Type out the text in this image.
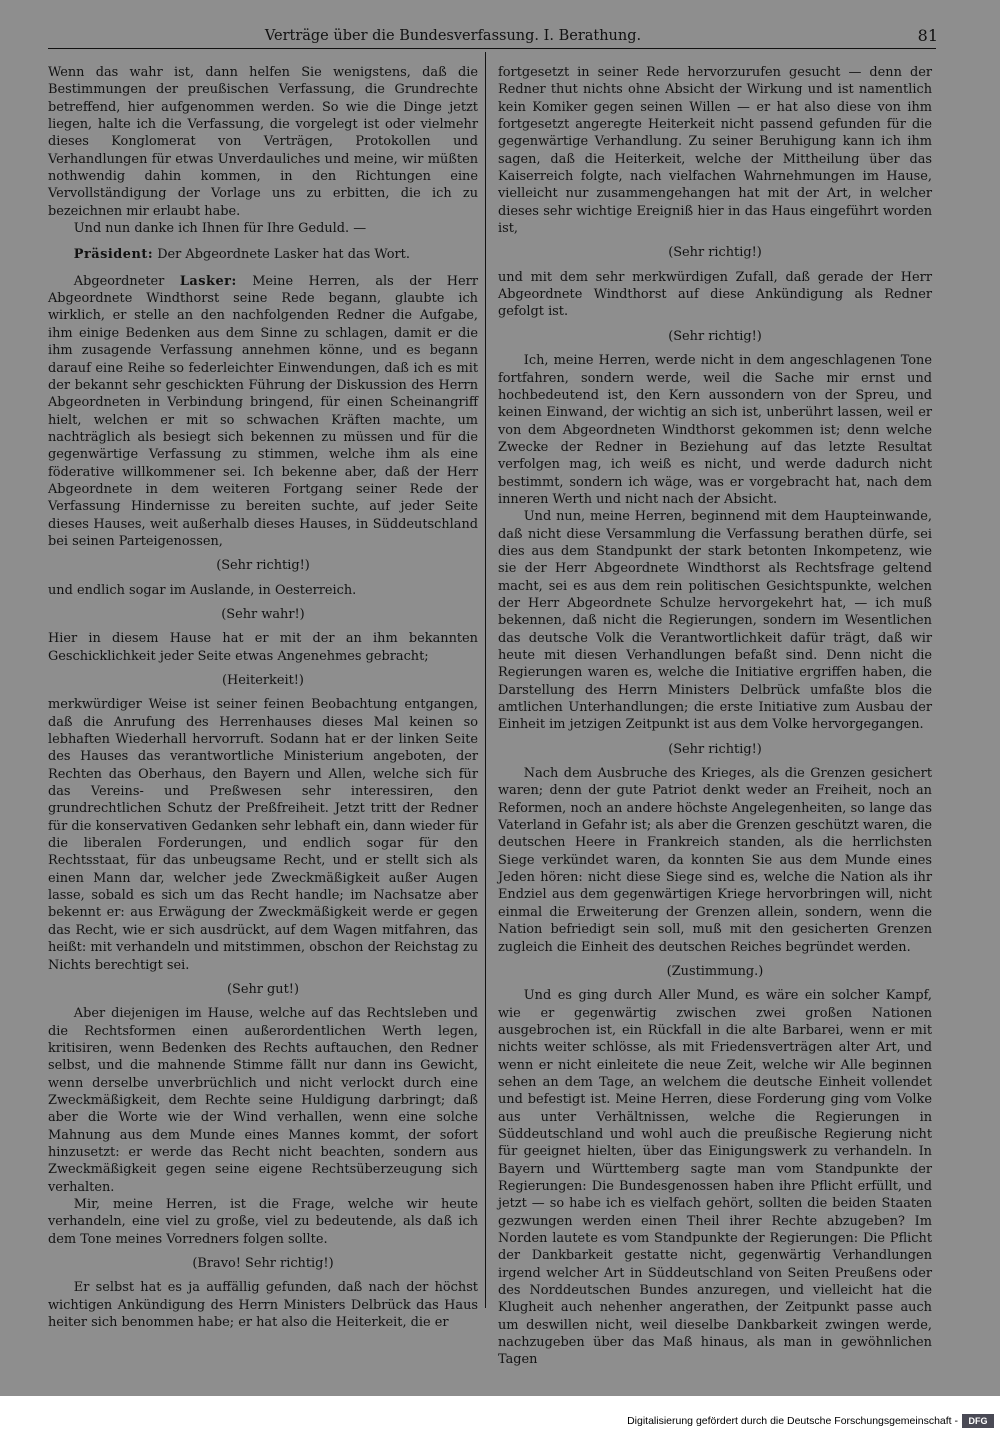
Verträge über die Bundesverfassung. I. Berathung.	81

Wenn das wahr ist, dann helfen Sie wenigstens, daß die Bestimmungen der preußischen Verfassung, die Grundrechte betreffend, hier aufgenommen werden. So wie die Dinge jetzt liegen, halte ich die Verfassung, die vorgelegt ist oder vielmehr dieses Konglomerat von Verträgen, Protokollen und Verhandlungen für etwas Unverdauliches und meine, wir müßten nothwendig dahin kommen, in den Richtungen eine Vervollständigung der Vorlage uns zu erbitten, die ich zu bezeichnen mir erlaubt habe.

Und nun danke ich Ihnen für Ihre Geduld. —

Präsident: Der Abgeordnete Lasker hat das Wort.

Abgeordneter Lasker: Meine Herren, als der Herr Abgeordnete Windthorst seine Rede begann, glaubte ich wirklich, er stelle an den nachfolgenden Redner die Aufgabe, ihm einige Bedenken aus dem Sinne zu schlagen, damit er die ihm zusagende Verfassung annehmen könne, und es begann darauf eine Reihe so federleichter Einwendungen, daß ich es mit der bekannt sehr geschickten Führung der Diskussion des Herrn Abgeordneten in Verbindung bringend, für einen Scheinangriff hielt, welchen er mit so schwachen Kräften machte, um nachträglich als besiegt sich bekennen zu müssen und für die gegenwärtige Verfassung zu stimmen, welche ihm als eine föderative willkommener sei. Ich bekenne aber, daß der Herr Abgeordnete in dem weiteren Fortgang seiner Rede der Verfassung Hindernisse zu bereiten suchte, auf jeder Seite dieses Hauses, weit außerhalb dieses Hauses, in Süddeutschland bei seinen Parteigenossen,

(Sehr richtig!)

und endlich sogar im Auslande, in Oesterreich.

(Sehr wahr!)

Hier in diesem Hause hat er mit der an ihm bekannten Geschicklichkeit jeder Seite etwas Angenehmes gebracht;

(Heiterkeit!)

merkwürdiger Weise ist seiner feinen Beobachtung entgangen, daß die Anrufung des Herrenhauses dieses Mal keinen so lebhaften Wiederhall hervorruft. Sodann hat er der linken Seite des Hauses das verantwortliche Ministerium angeboten, der Rechten das Oberhaus, den Bayern und Allen, welche sich für das Vereins- und Preßwesen sehr interessiren, den grundrechtlichen Schutz der Preßfreiheit. Jetzt tritt der Redner für die konservativen Gedanken sehr lebhaft ein, dann wieder für die liberalen Forderungen, und endlich sogar für den Rechtsstaat, für das unbeugsame Recht, und er stellt sich als einen Mann dar, welcher jede Zweckmäßigkeit außer Augen lasse, sobald es sich um das Recht handle; im Nachsatze aber bekennt er: aus Erwägung der Zweckmäßigkeit werde er gegen das Recht, wie er sich ausdrückt, auf dem Wagen mitfahren, das heißt: mit verhandeln und mitstimmen, obschon der Reichstag zu Nichts berechtigt sei.

(Sehr gut!)

Aber diejenigen im Hause, welche auf das Rechtsleben und die Rechtsformen einen außerordentlichen Werth legen, kritisiren, wenn Bedenken des Rechts auftauchen, den Redner selbst, und die mahnende Stimme fällt nur dann ins Gewicht, wenn derselbe unverbrüchlich und nicht verlockt durch eine Zweckmäßigkeit, dem Rechte seine Huldigung darbringt; daß aber die Worte wie der Wind verhallen, wenn eine solche Mahnung aus dem Munde eines Mannes kommt, der sofort hinzusetzt: er werde das Recht nicht beachten, sondern aus Zweckmäßigkeit gegen seine eigene Rechtsüberzeugung sich verhalten.

Mir, meine Herren, ist die Frage, welche wir heute verhandeln, eine viel zu große, viel zu bedeutende, als daß ich dem Tone meines Vorredners folgen sollte.

(Bravo! Sehr richtig!)

Er selbst hat es ja auffällig gefunden, daß nach der höchst wichtigen Ankündigung des Herrn Ministers Delbrück das Haus heiter sich benommen habe; er hat also die Heiterkeit, die er

fortgesetzt in seiner Rede hervorzurufen gesucht — denn der Redner thut nichts ohne Absicht der Wirkung und ist namentlich kein Komiker gegen seinen Willen — er hat also diese von ihm fortgesetzt angeregte Heiterkeit nicht passend gefunden für die gegenwärtige Verhandlung. Zu seiner Beruhigung kann ich ihm sagen, daß die Heiterkeit, welche der Mittheilung über das Kaiserreich folgte, nach vielfachen Wahrnehmungen im Hause, vielleicht nur zusammengehangen hat mit der Art, in welcher dieses sehr wichtige Ereigniß hier in das Haus eingeführt worden ist,

(Sehr richtig!)

und mit dem sehr merkwürdigen Zufall, daß gerade der Herr Abgeordnete Windthorst auf diese Ankündigung als Redner gefolgt ist.

(Sehr richtig!)

Ich, meine Herren, werde nicht in dem angeschlagenen Tone fortfahren, sondern werde, weil die Sache mir ernst und hochbedeutend ist, den Kern aussondern von der Spreu, und keinen Einwand, der wichtig an sich ist, unberührt lassen, weil er von dem Abgeordneten Windthorst gekommen ist; denn welche Zwecke der Redner in Beziehung auf das letzte Resultat verfolgen mag, ich weiß es nicht, und werde dadurch nicht bestimmt, sondern ich wäge, was er vorgebracht hat, nach dem inneren Werth und nicht nach der Absicht.

Und nun, meine Herren, beginnend mit dem Haupteinwande, daß nicht diese Versammlung die Verfassung berathen dürfe, sei dies aus dem Standpunkt der stark betonten Inkompetenz, wie sie der Herr Abgeordnete Windthorst als Rechtsfrage geltend macht, sei es aus dem rein politischen Gesichtspunkte, welchen der Herr Abgeordnete Schulze hervorgekehrt hat, — ich muß bekennen, daß nicht die Regierungen, sondern im Wesentlichen das deutsche Volk die Verantwortlichkeit dafür trägt, daß wir heute mit diesen Verhandlungen befaßt sind. Denn nicht die Regierungen waren es, welche die Initiative ergriffen haben, die Darstellung des Herrn Ministers Delbrück umfaßte blos die amtlichen Unterhandlungen; die erste Initiative zum Ausbau der Einheit im jetzigen Zeitpunkt ist aus dem Volke hervorgegangen.

(Sehr richtig!)

Nach dem Ausbruche des Krieges, als die Grenzen gesichert waren; denn der gute Patriot denkt weder an Freiheit, noch an Reformen, noch an andere höchste Angelegenheiten, so lange das Vaterland in Gefahr ist; als aber die Grenzen geschützt waren, die deutschen Heere in Frankreich standen, als die herrlichsten Siege verkündet waren, da konnten Sie aus dem Munde eines Jeden hören: nicht diese Siege sind es, welche die Nation als ihr Endziel aus dem gegenwärtigen Kriege hervorbringen will, nicht einmal die Erweiterung der Grenzen allein, sondern, wenn die Nation befriedigt sein soll, muß mit den gesicherten Grenzen zugleich die Einheit des deutschen Reiches begründet werden.

(Zustimmung.)

Und es ging durch Aller Mund, es wäre ein solcher Kampf, wie er gegenwärtig zwischen zwei großen Nationen ausgebrochen ist, ein Rückfall in die alte Barbarei, wenn er mit nichts weiter schlösse, als mit Friedensverträgen alter Art, und wenn er nicht einleitete die neue Zeit, welche wir Alle beginnen sehen an dem Tage, an welchem die deutsche Einheit vollendet und befestigt ist. Meine Herren, diese Forderung ging vom Volke aus unter Verhältnissen, welche die Regierungen in Süddeutschland und wohl auch die preußische Regierung nicht für geeignet hielten, über das Einigungswerk zu verhandeln. In Bayern und Württemberg sagte man vom Standpunkte der Regierungen: Die Bundesgenossen haben ihre Pflicht erfüllt, und jetzt — so habe ich es vielfach gehört, sollten die beiden Staaten gezwungen werden einen Theil ihrer Rechte abzugeben? Im Norden lautete es vom Standpunkte der Regierungen: Die Pflicht der Dankbarkeit gestatte nicht, gegenwärtig Verhandlungen irgend welcher Art in Süddeutschland von Seiten Preußens oder des Norddeutschen Bundes anzuregen, und vielleicht hat die Klugheit auch nehenher angerathen, der Zeitpunkt passe auch um deswillen nicht, weil dieselbe Dankbarkeit zwingen werde, nachzugeben über das Maß hinaus, als man in gewöhnlichen Tagen

Digitalisierung gefördert durch die Deutsche Forschungsgemeinschaft -	DFG
